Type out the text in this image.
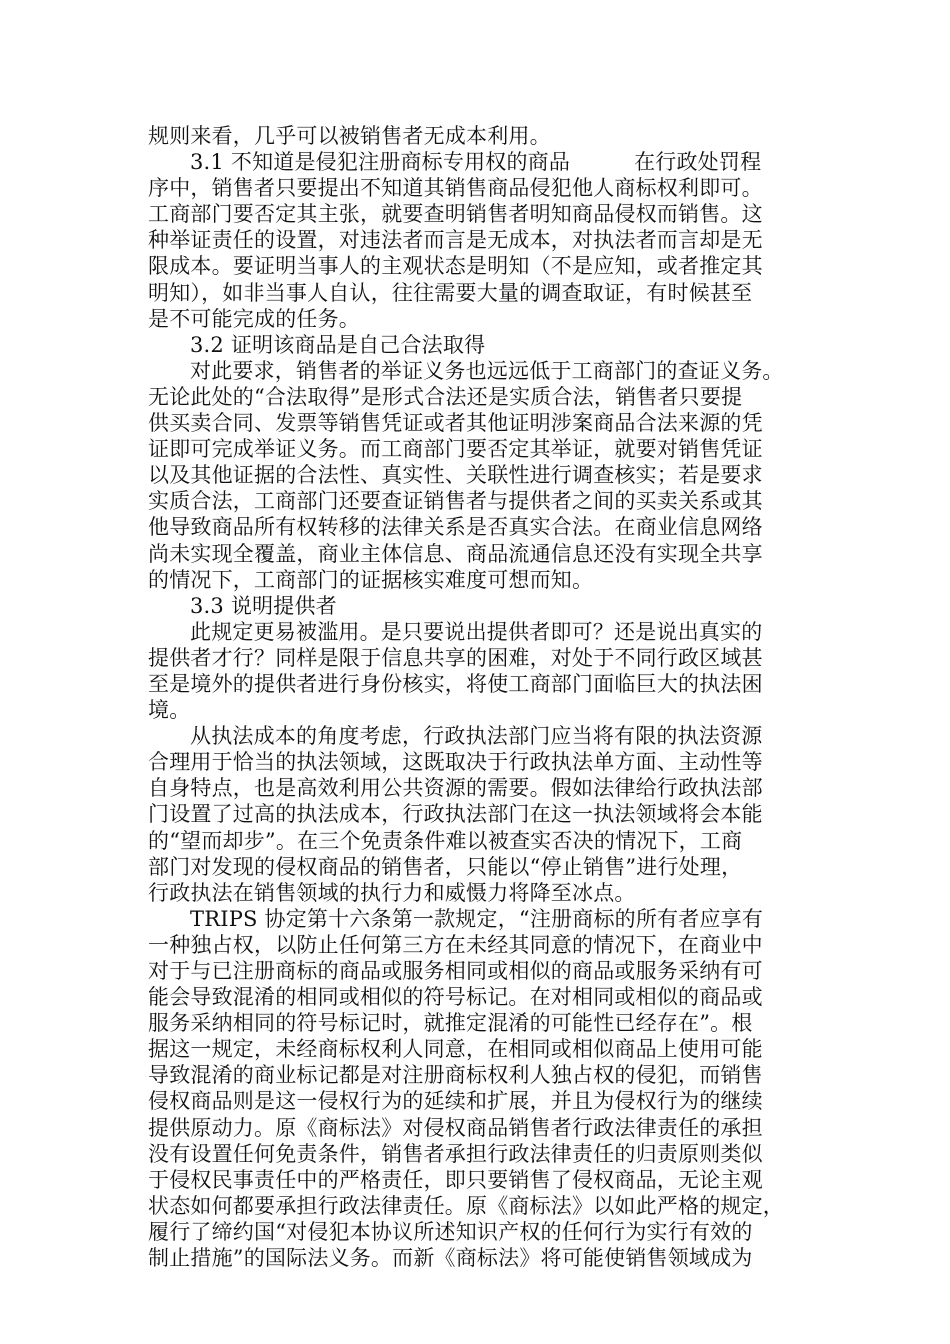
规则来看，几乎可以被销售者无成本利用。
3.1 不知道是侵犯注册商标专用权的商品	在行政处罚程
序中，销售者只要提出不知道其销售商品侵犯他人商标权利即可。
工商部门要否定其主张，就要查明销售者明知商品侵权而销售。这
种举证责任的设置，对违法者而言是无成本，对执法者而言却是无
限成本。要证明当事人的主观状态是明知（不是应知，或者推定其
明知），如非当事人自认，往往需要大量的调查取证，有时候甚至
是不可能完成的任务。
3.2 证明该商品是自己合法取得
对此要求，销售者的举证义务也远远低于工商部门的查证义务。
无论此处的“合法取得”是形式合法还是实质合法，销售者只要提
供买卖合同、发票等销售凭证或者其他证明涉案商品合法来源的凭
证即可完成举证义务。而工商部门要否定其举证，就要对销售凭证
以及其他证据的合法性、真实性、关联性进行调查核实；若是要求
实质合法，工商部门还要查证销售者与提供者之间的买卖关系或其
他导致商品所有权转移的法律关系是否真实合法。在商业信息网络
尚未实现全覆盖，商业主体信息、商品流通信息还没有实现全共享
的情况下，工商部门的证据核实难度可想而知。
3.3 说明提供者
此规定更易被滥用。是只要说出提供者即可？还是说出真实的
提供者才行？同样是限于信息共享的困难，对处于不同行政区域甚
至是境外的提供者进行身份核实，将使工商部门面临巨大的执法困
境。
从执法成本的角度考虑，行政执法部门应当将有限的执法资源
合理用于恰当的执法领域，这既取决于行政执法单方面、主动性等
自身特点，也是高效利用公共资源的需要。假如法律给行政执法部
门设置了过高的执法成本，行政执法部门在这一执法领域将会本能
的“望而却步”。在三个免责条件难以被查实否决的情况下，工商
部门对发现的侵权商品的销售者，只能以“停止销售”进行处理，
行政执法在销售领域的执行力和威慑力将降至冰点。
TRIPS 协定第十六条第一款规定，“注册商标的所有者应享有
一种独占权，以防止任何第三方在未经其同意的情况下，在商业中
对于与已注册商标的商品或服务相同或相似的商品或服务采纳有可
能会导致混淆的相同或相似的符号标记。在对相同或相似的商品或
服务采纳相同的符号标记时，就推定混淆的可能性已经存在”。根
据这一规定，未经商标权利人同意，在相同或相似商品上使用可能
导致混淆的商业标记都是对注册商标权利人独占权的侵犯，而销售
侵权商品则是这一侵权行为的延续和扩展，并且为侵权行为的继续
提供原动力。原《商标法》对侵权商品销售者行政法律责任的承担
没有设置任何免责条件，销售者承担行政法律责任的归责原则类似
于侵权民事责任中的严格责任，即只要销售了侵权商品，无论主观
状态如何都要承担行政法律责任。原《商标法》以如此严格的规定，
履行了缔约国“对侵犯本协议所述知识产权的任何行为实行有效的
制止措施”的国际法义务。而新《商标法》将可能使销售领域成为
